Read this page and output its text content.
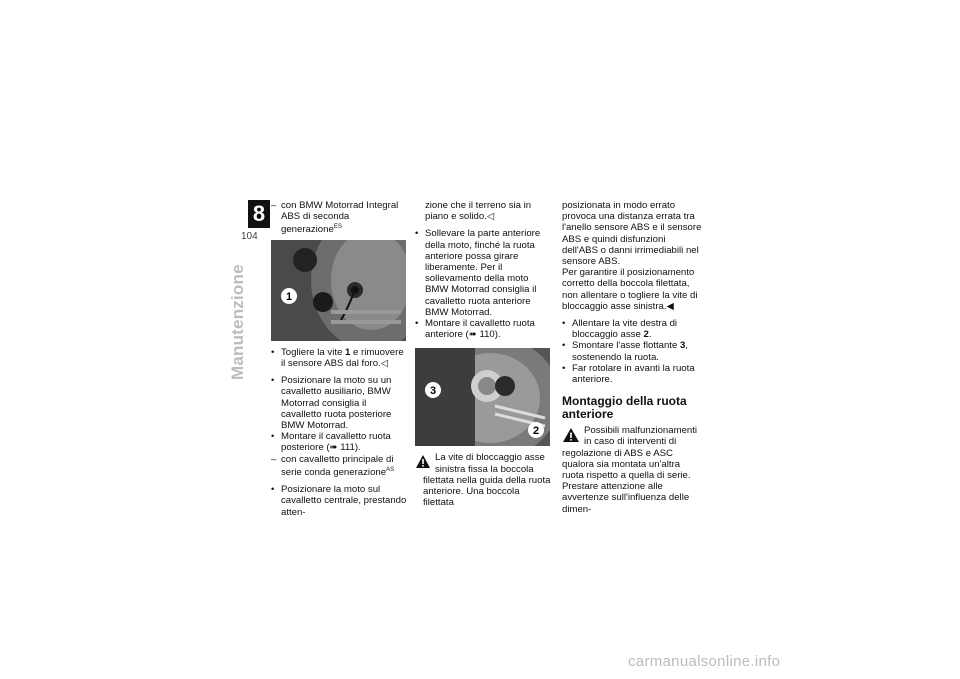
8
104
Manutenzione

– con BMW Motorrad Integral ABS di seconda generazione$^{ES}$

1

• Togliere la vite 1 e rimuovere il sensore ABS dal foro.◁

• Posizionare la moto su un cavalletto ausiliario, BMW Motorrad consiglia il cavalletto ruota posteriore BMW Motorrad.

• Montare il cavalletto ruota posteriore (➠ 111).

– con cavalletto principale di serie conda generazione$^{AS}$

• Posizionare la moto sul cavalletto centrale, prestando atten-

zione che il terreno sia in piano e solido.◁

• Sollevare la parte anteriore della moto, finché la ruota anteriore possa girare liberamente. Per il sollevamento della moto BMW Motorrad consiglia il cavalletto ruota anteriore BMW Motorrad.

• Montare il cavalletto ruota anteriore (➠ 110).

3
2

La vite di bloccaggio asse sinistra fissa la boccola filettata nella guida della ruota anteriore. Una boccola filettata

posizionata in modo errato provoca una distanza errata tra l'anello sensore ABS e il sensore ABS e quindi disfunzioni dell'ABS o danni irrimediabili nel sensore ABS.

Per garantire il posizionamento corretto della boccola filettata, non allentare o togliere la vite di bloccaggio asse sinistra.◀

• Allentare la vite destra di bloccaggio asse 2.

• Smontare l'asse flottante 3, sostenendo la ruota.

• Far rotolare in avanti la ruota anteriore.

Montaggio della ruota anteriore

Possibili malfunzionamenti in caso di interventi di regolazione di ABS e ASC qualora sia montata un'altra ruota rispetto a quella di serie.

Prestare attenzione alle avvertenze sull'influenza delle dimen-

carmanualsonline.info
